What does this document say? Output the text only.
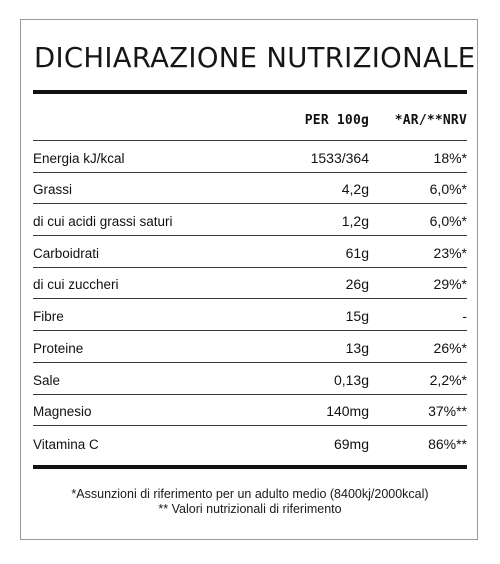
DICHIARAZIONE NUTRIZIONALE
PER 100g *AR/**NRV
Energia kJ/kcal	1533/364	18%*
Grassi	4,2g	6,0%*
di cui acidi grassi saturi	1,2g	6,0%*
Carboidrati	61g	23%*
di cui zuccheri	26g	29%*
Fibre	15g	-
Proteine	13g	26%*
Sale	0,13g	2,2%*
Magnesio	140mg	37%**
Vitamina C	69mg	86%**
*Assunzioni di riferimento per un adulto medio (8400kj/2000kcal)
** Valori nutrizionali di riferimento
